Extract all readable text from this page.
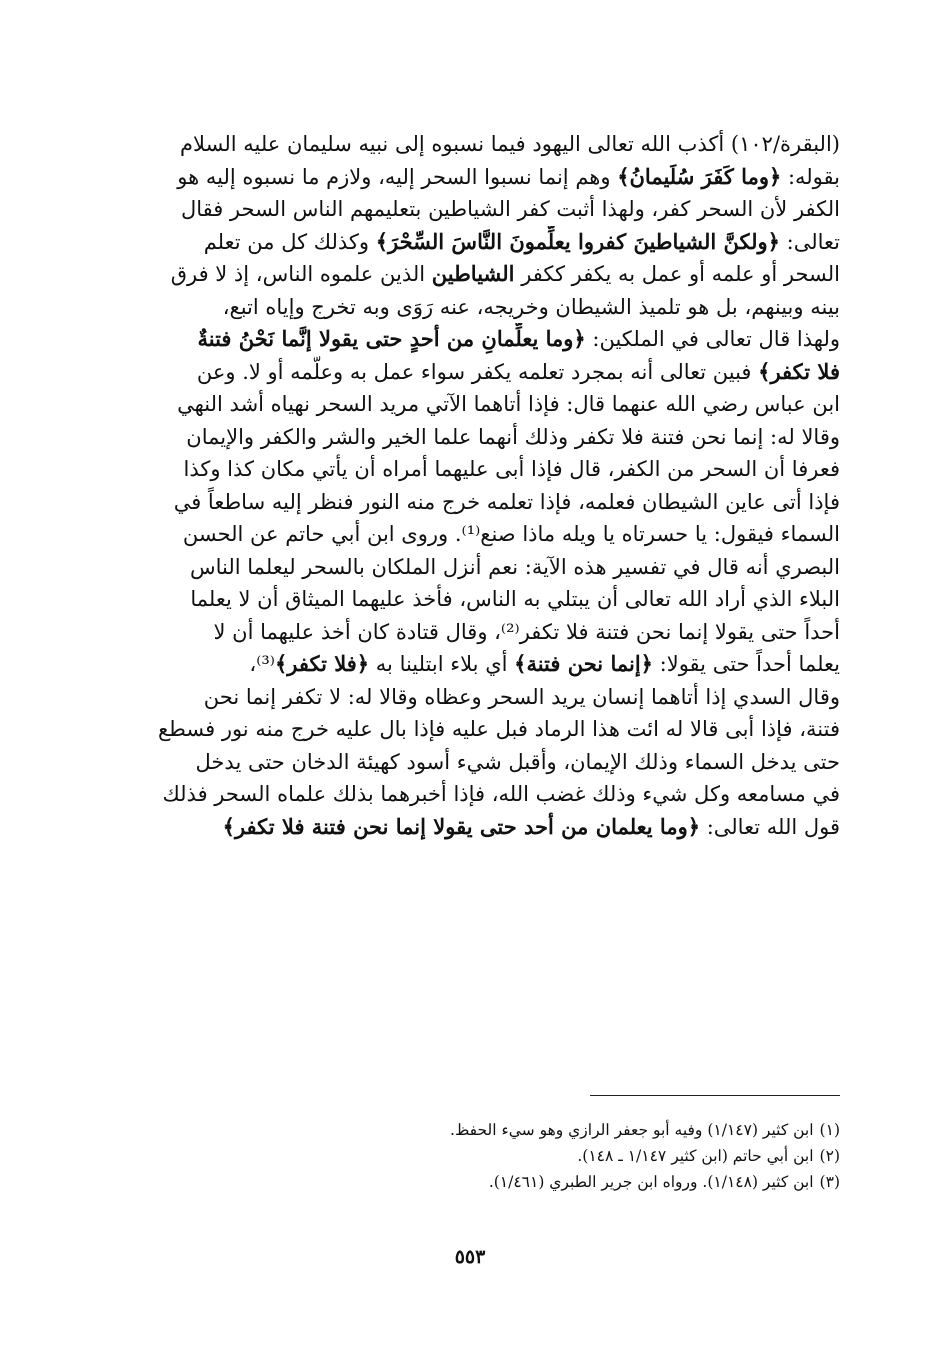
(البقرة/١٠٢) أكذب الله تعالى اليهود فيما نسبوه إلى نبيه سليمان عليه السلام
بقوله: ﴿وما كَفَرَ سُلَيمانُ﴾ وهم إنما نسبوا السحر إليه، ولازم ما نسبوه إليه هو
الكفر لأن السحر كفر، ولهذا أثبت كفر الشياطين بتعليمهم الناس السحر فقال
تعالى: ﴿ولكنَّ الشياطينَ كفروا يعلِّمونَ النَّاسَ السِّحْرَ﴾ وكذلك كل من تعلم
السحر أو علمه أو عمل به يكفر ككفر الشياطين الذين علموه الناس، إذ لا فرق
بينه وبينهم، بل هو تلميذ الشيطان وخريجه، عنه رَوَى وبه تخرج وإياه اتبع،
ولهذا قال تعالى في الملكين: ﴿وما يعلِّمانِ من أحدٍ حتى يقولا إنَّما نَحْنُ فتنةٌ
فلا تكفر﴾ فبين تعالى أنه بمجرد تعلمه يكفر سواء عمل به وعلَّمه أو لا. وعن
ابن عباس رضي الله عنهما قال: فإذا أتاهما الآتي مريد السحر نهياه أشد النهي
وقالا له: إنما نحن فتنة فلا تكفر وذلك أنهما علما الخير والشر والكفر والإيمان
فعرفا أن السحر من الكفر، قال فإذا أبى عليهما أمراه أن يأتي مكان كذا وكذا
فإذا أتى عاين الشيطان فعلمه، فإذا تعلمه خرج منه النور فنظر إليه ساطعاً في
السماء فيقول: يا حسرتاه يا ويله ماذا صنع⁽¹⁾. وروى ابن أبي حاتم عن الحسن
البصري أنه قال في تفسير هذه الآية: نعم أنزل الملكان بالسحر ليعلما الناس
البلاء الذي أراد الله تعالى أن يبتلي به الناس، فأخذ عليهما الميثاق أن لا يعلما
أحداً حتى يقولا إنما نحن فتنة فلا تكفر⁽²⁾، وقال قتادة كان أخذ عليهما أن لا
يعلما أحداً حتى يقولا: ﴿إنما نحن فتنة﴾ أي بلاء ابتلينا به ﴿فلا تكفر﴾⁽³⁾،
وقال السدي إذا أتاهما إنسان يريد السحر وعظاه وقالا له: لا تكفر إنما نحن
فتنة، فإذا أبى قالا له ائت هذا الرماد فبل عليه فإذا بال عليه خرج منه نور فسطع
حتى يدخل السماء وذلك الإيمان، وأقبل شيء أسود كهيئة الدخان حتى يدخل
في مسامعه وكل شيء وذلك غضب الله، فإذا أخبرهما بذلك علماه السحر فذلك
قول الله تعالى: ﴿وما يعلمان من أحد حتى يقولا إنما نحن فتنة فلا تكفر﴾
(١)ابن كثير (١/١٤٧) وفيه أبو جعفر الرازي وهو سيء الحفظ.
(٢)ابن أبي حاتم (ابن كثير ١/١٤٧ ـ ١٤٨).
(٣)ابن كثير (١/١٤٨). ورواه ابن جرير الطبري (١/٤٦١).
٥٥٣
